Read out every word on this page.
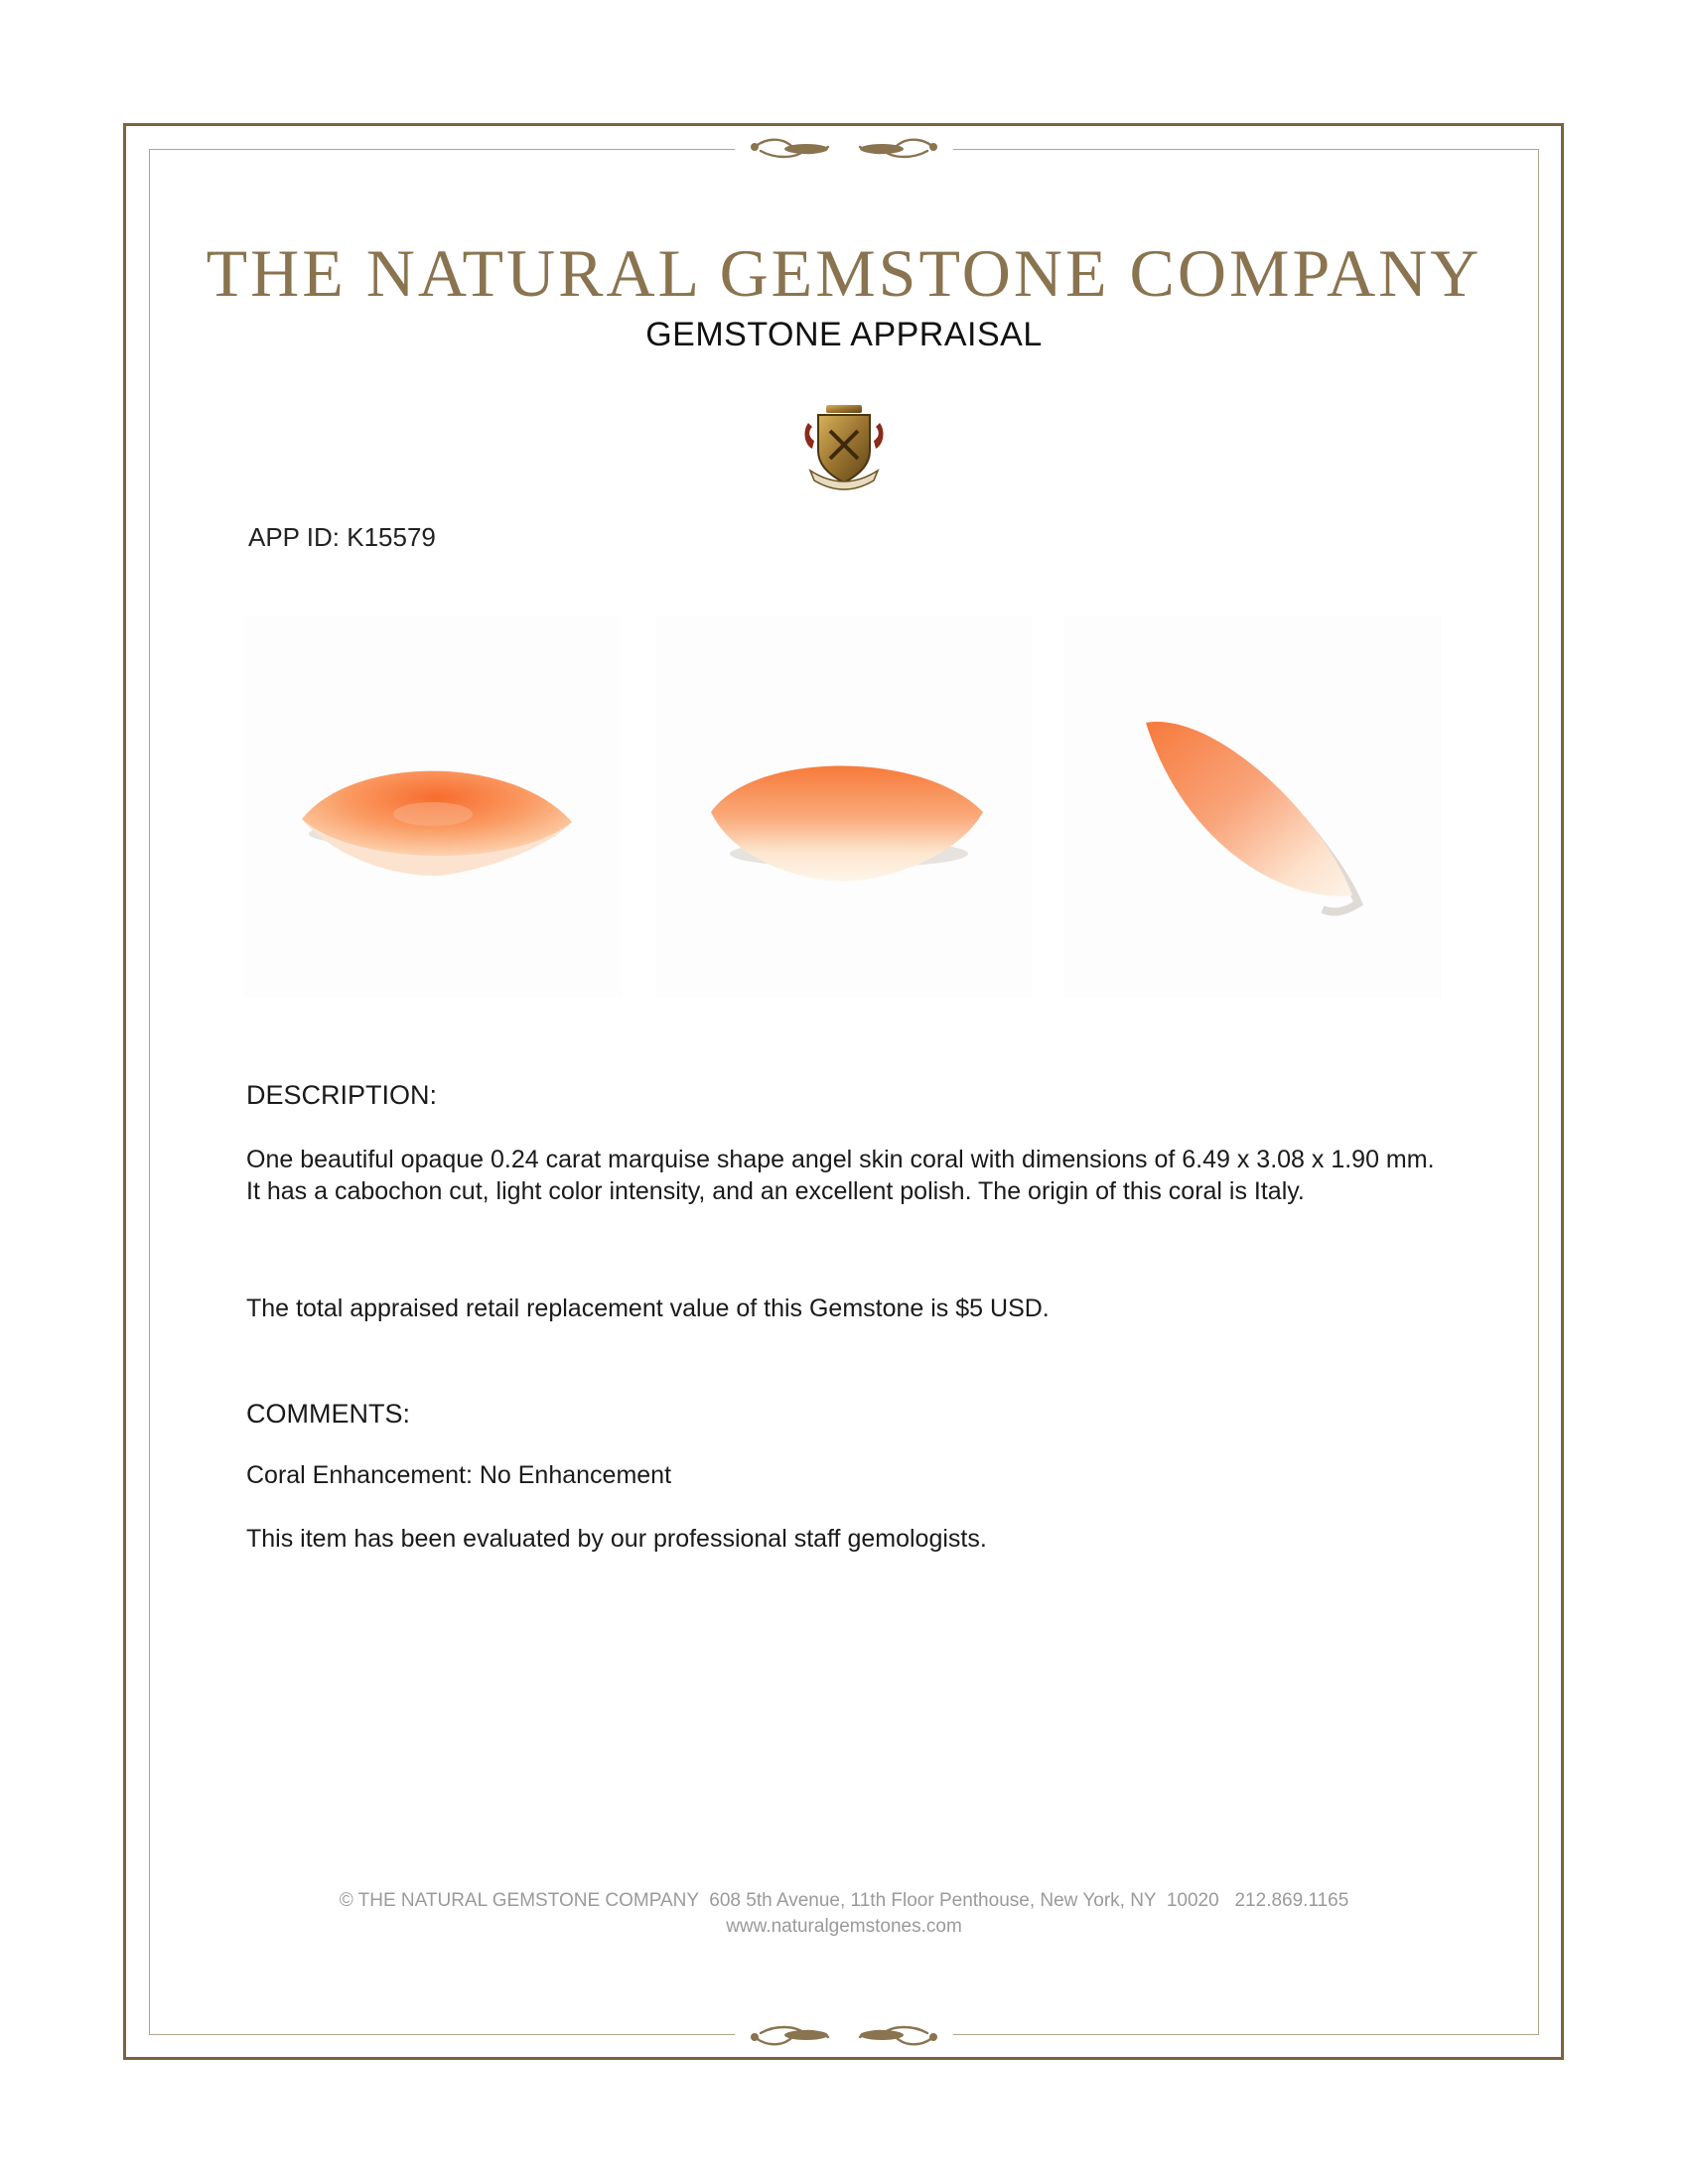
THE NATURAL GEMSTONE COMPANY
GEMSTONE APPRAISAL
APP ID: K15579
DESCRIPTION:
One beautiful opaque 0.24 carat marquise shape angel skin coral with dimensions of 6.49 x 3.08 x 1.90 mm. It has a cabochon cut, light color intensity, and an excellent polish. The origin of this coral is Italy.
The total appraised retail replacement value of this Gemstone is $5 USD.
COMMENTS:
Coral Enhancement: No Enhancement
This item has been evaluated by our professional staff gemologists.
© THE NATURAL GEMSTONE COMPANY  608 5th Avenue, 11th Floor Penthouse, New York, NY  10020   212.869.1165
www.naturalgemstones.com
